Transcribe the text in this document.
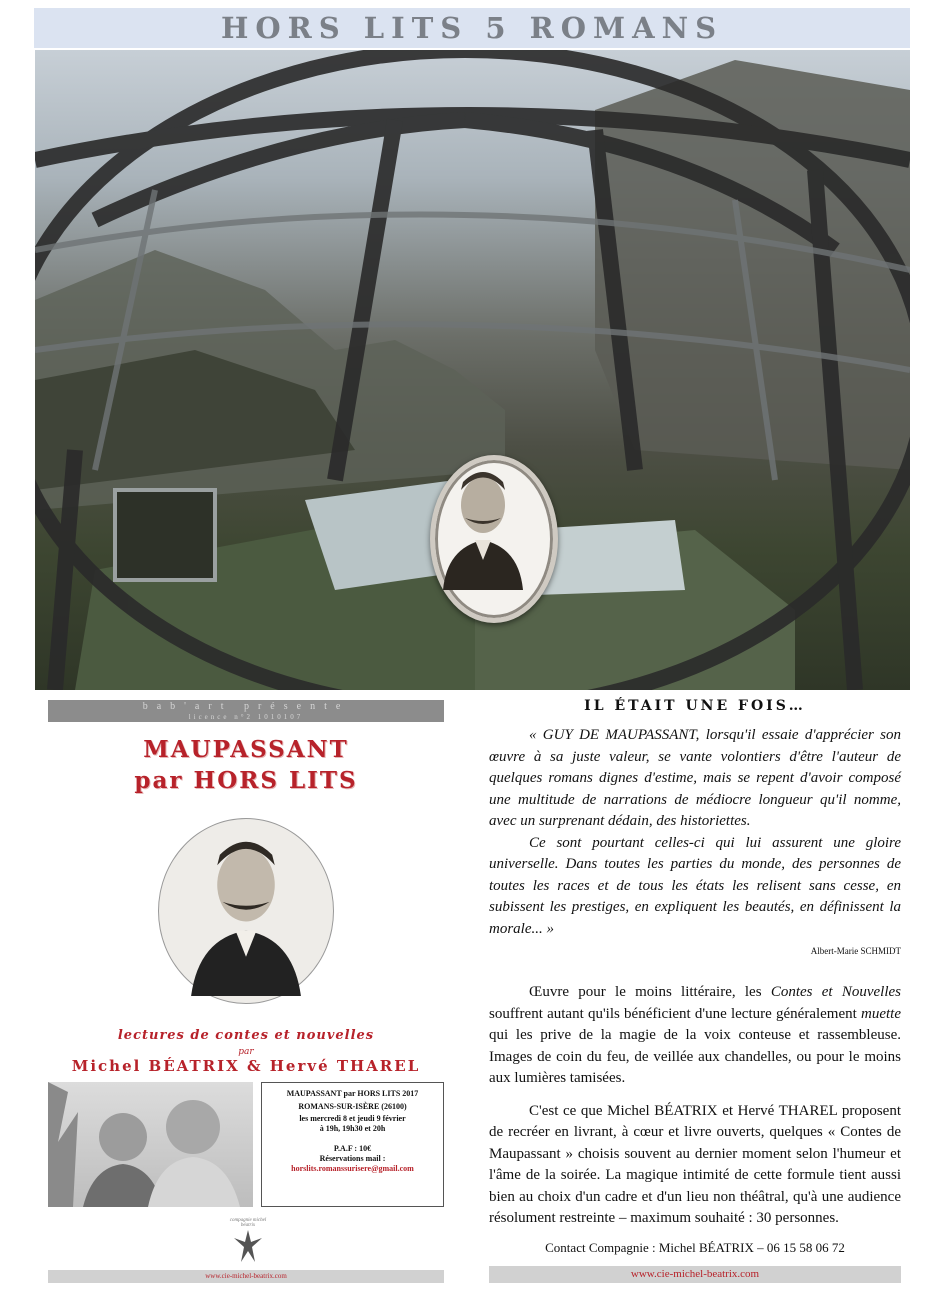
HORS LITS 5 ROMANS
bab'art présente
licence n°2 1010107
MAUPASSANT
par HORS LITS
lectures de contes et nouvelles
par
Michel BÉATRIX & Hervé THAREL
MAUPASSANT par HORS LITS 2017
ROMANS-SUR-ISÈRE (26100)
les mercredi 8 et jeudi 9 février
à 19h, 19h30 et 20h
P.A.F : 10€
Réservations mail :
horslits.romanssurisere@gmail.com
compagnie michel béatrix
www.cie-michel-beatrix.com
IL ÉTAIT UNE FOIS…

« GUY DE MAUPASSANT, lorsqu'il essaie d'apprécier son œuvre à sa juste valeur, se vante volontiers d'être l'auteur de quelques romans dignes d'estime, mais se repent d'avoir composé une multitude de narrations de médiocre longueur qu'il nomme, avec un surprenant dédain, des historiettes.

Ce sont pourtant celles-ci qui lui assurent une gloire universelle. Dans toutes les parties du monde, des personnes de toutes les races et de tous les états les relisent sans cesse, en subissent les prestiges, en expliquent les beautés, en définissent la morale... »

Albert-Marie SCHMIDT

Œuvre pour le moins littéraire, les Contes et Nouvelles souffrent autant qu'ils bénéficient d'une lecture généralement muette qui les prive de la magie de la voix conteuse et rassembleuse. Images de coin du feu, de veillée aux chandelles, ou pour le moins aux lumières tamisées.

C'est ce que Michel BÉATRIX et Hervé THAREL proposent de recréer en livrant, à cœur et livre ouverts, quelques « Contes de Maupassant » choisis souvent au dernier moment selon l'humeur et l'âme de la soirée. La magique intimité de cette formule tient aussi bien au choix d'un cadre et d'un lieu non théâtral, qu'à une audience résolument restreinte – maximum souhaité : 30 personnes.

Contact Compagnie : Michel BÉATRIX – 06 15 58 06 72
www.cie-michel-beatrix.com
